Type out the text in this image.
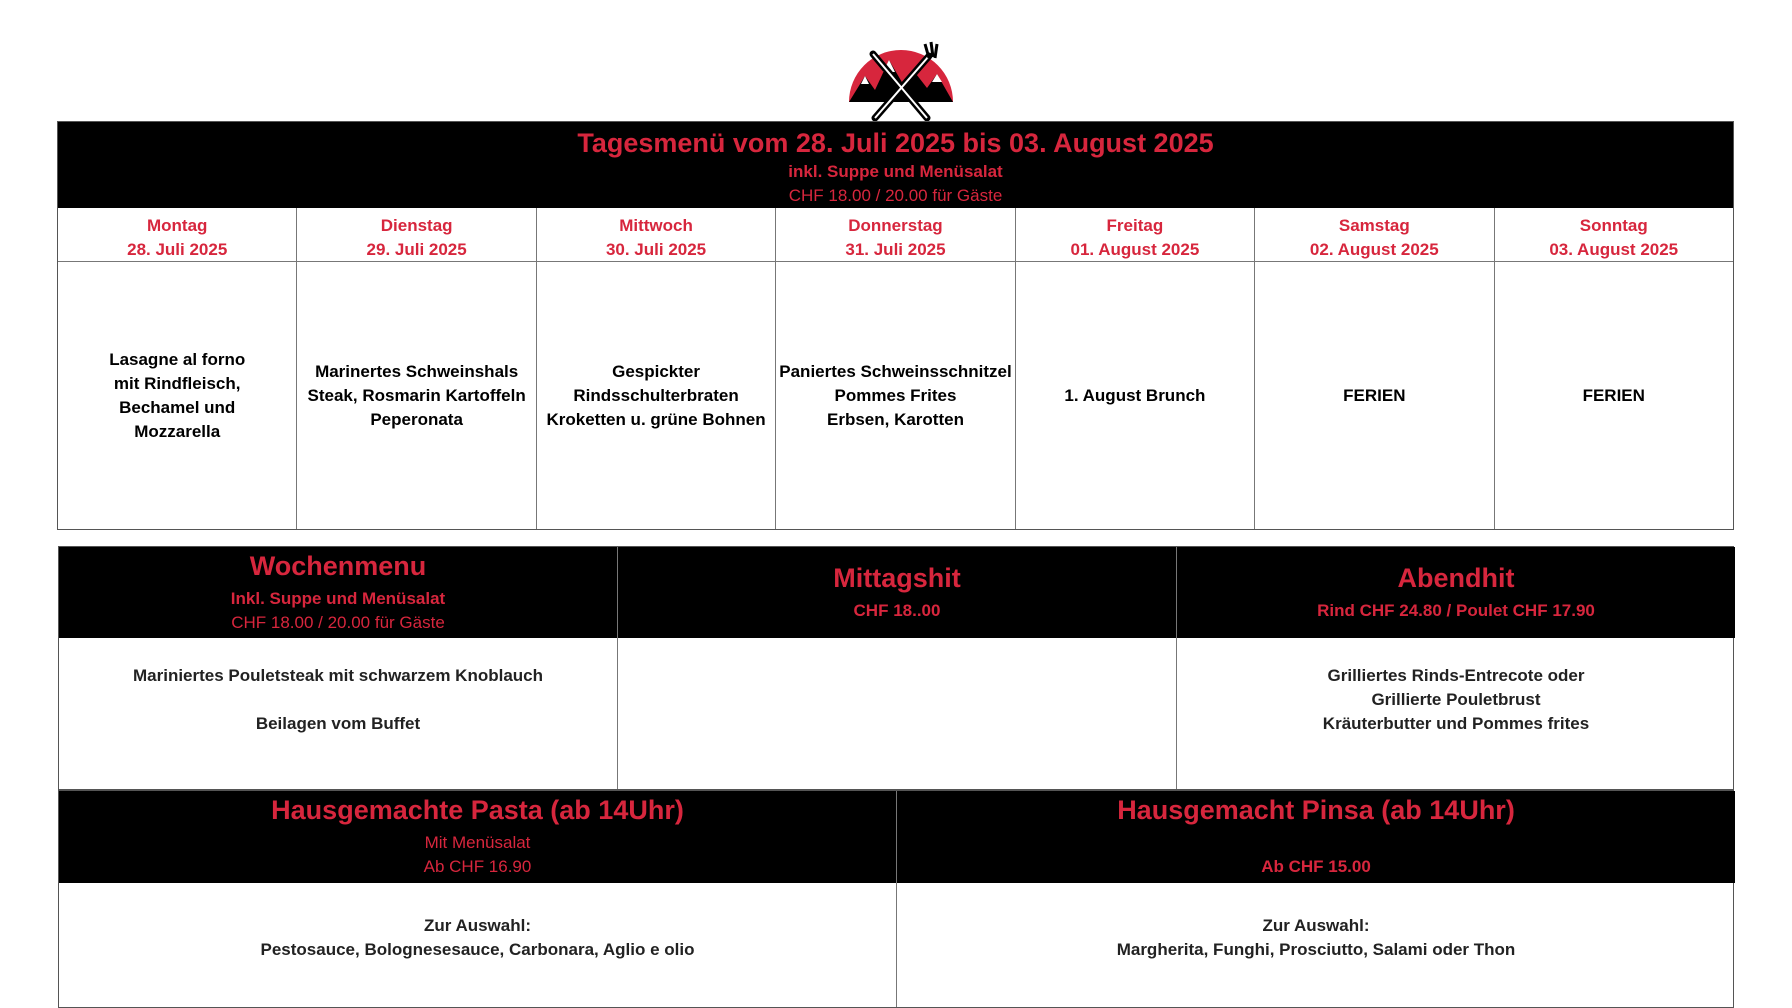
Tagesmenü vom 28. Juli 2025 bis 03. August 2025
inkl. Suppe und Menüsalat
CHF 18.00 / 20.00 für Gäste
Montag
28. Juli 2025
Lasagne al forno
mit Rindfleisch,
Bechamel und
Mozzarella
Dienstag
29. Juli 2025
Marinertes Schweinshals
Steak, Rosmarin Kartoffeln
Peperonata
Mittwoch
30. Juli 2025
Gespickter
Rindsschulterbraten
Kroketten u. grüne Bohnen
Donnerstag
31. Juli 2025
Paniertes Schweinsschnitzel
Pommes Frites
Erbsen, Karotten
Freitag
01. August 2025
1. August Brunch
Samstag
02. August 2025
FERIEN
Sonntag
03. August 2025
FERIEN
Wochenmenu
Inkl. Suppe und Menüsalat
CHF 18.00 / 20.00 für Gäste
Mariniertes Pouletsteak mit schwarzem Knoblauch

Beilagen vom Buffet
Mittagshit
CHF 18..00
Abendhit
Rind CHF 24.80 / Poulet CHF 17.90
Grilliertes Rinds-Entrecote oder
Grillierte Pouletbrust
Kräuterbutter und Pommes frites
Hausgemachte Pasta (ab 14Uhr)
Mit Menüsalat
Ab CHF 16.90
Zur Auswahl:
Pestosauce, Bolognesesauce, Carbonara, Aglio e olio
Hausgemacht Pinsa (ab 14Uhr)
Ab CHF 15.00
Zur Auswahl:
Margherita, Funghi, Prosciutto, Salami oder Thon
